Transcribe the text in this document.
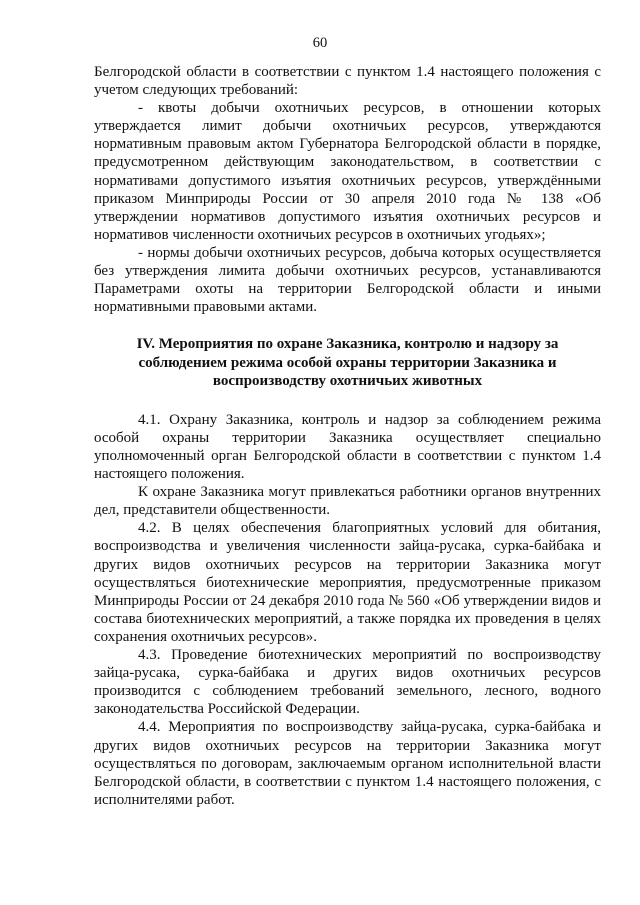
60

Белгородской области в соответствии с пунктом 1.4 настоящего положения с учетом следующих требований:

- квоты добычи охотничьих ресурсов, в отношении которых утверждается лимит добычи охотничьих ресурсов, утверждаются нормативным правовым актом Губернатора Белгородской области в порядке, предусмотренном действующим законодательством, в соответствии с нормативами допустимого изъятия охотничьих ресурсов, утверждёнными приказом Минприроды России от 30 апреля 2010 года № 138 «Об утверждении нормативов допустимого изъятия охотничьих ресурсов и нормативов численности охотничьих ресурсов в охотничьих угодьях»;

- нормы добычи охотничьих ресурсов, добыча которых осуществляется без утверждения лимита добычи охотничьих ресурсов, устанавливаются Параметрами охоты на территории Белгородской области и иными нормативными правовыми актами.

IV. Мероприятия по охране Заказника, контролю и надзору за соблюдением режима особой охраны территории Заказника и воспроизводству охотничьих животных

4.1. Охрану Заказника, контроль и надзор за соблюдением режима особой охраны территории Заказника осуществляет специально уполномоченный орган Белгородской области в соответствии с пунктом 1.4 настоящего положения.

К охране Заказника могут привлекаться работники органов внутренних дел, представители общественности.

4.2. В целях обеспечения благоприятных условий для обитания, воспроизводства и увеличения численности зайца-русака, сурка-байбака и других видов охотничьих ресурсов на территории Заказника могут осуществляться биотехнические мероприятия, предусмотренные приказом Минприроды России от 24 декабря 2010 года № 560 «Об утверждении видов и состава биотехнических мероприятий, а также порядка их проведения в целях сохранения охотничьих ресурсов».

4.3. Проведение биотехнических мероприятий по воспроизводству зайца-русака, сурка-байбака и других видов охотничьих ресурсов производится с соблюдением требований земельного, лесного, водного законодательства Российской Федерации.

4.4. Мероприятия по воспроизводству зайца-русака, сурка-байбака и других видов охотничьих ресурсов на территории Заказника могут осуществляться по договорам, заключаемым органом исполнительной власти Белгородской области, в соответствии с пунктом 1.4 настоящего положения, с исполнителями работ.
